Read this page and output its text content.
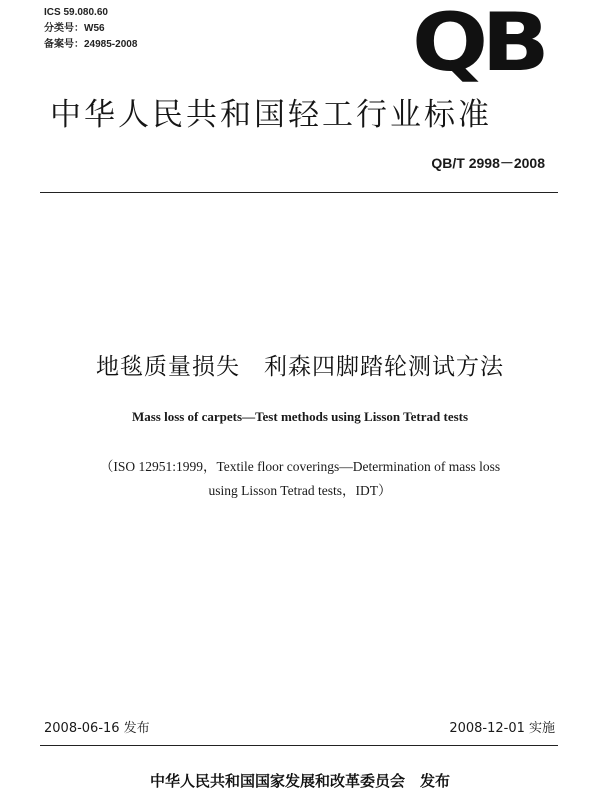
ICS 59.080.60
分类号：W56
备案号：24985-2008	QB
中华人民共和国轻工行业标准
QB/T 2998－2008
地毯质量损失　利森四脚踏轮测试方法
Mass loss of carpets—Test methods using Lisson Tetrad tests
（ISO 12951:1999，Textile floor coverings—Determination of mass loss
using Lisson Tetrad tests，IDT）
2008-06-16 发布	2008-12-01 实施
中华人民共和国国家发展和改革委员会　发布
